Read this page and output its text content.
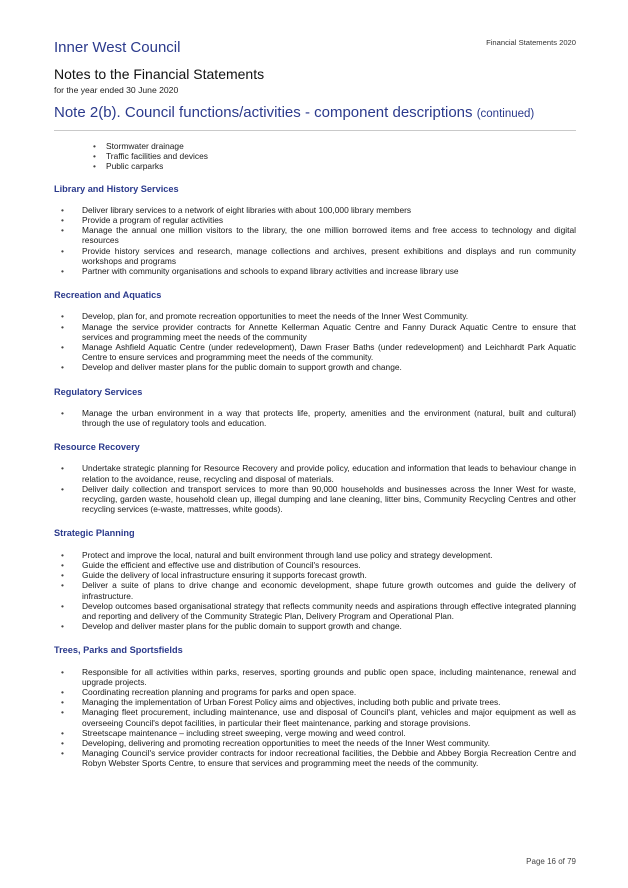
Financial Statements 2020
Inner West Council
Notes to the Financial Statements
for the year ended 30 June 2020
Note 2(b). Council functions/activities - component descriptions (continued)
• Stormwater drainage
• Traffic facilities and devices
• Public carparks
Library and History Services
• Deliver library services to a network of eight libraries with about 100,000 library members
• Provide a program of regular activities
• Manage the annual one million visitors to the library, the one million borrowed items and free access to technology and digital resources
• Provide history services and research, manage collections and archives, present exhibitions and displays and run community workshops and programs
• Partner with community organisations and schools to expand library activities and increase library use
Recreation and Aquatics
• Develop, plan for, and promote recreation opportunities to meet the needs of the Inner West Community.
• Manage the service provider contracts for Annette Kellerman Aquatic Centre and Fanny Durack Aquatic Centre to ensure that services and programming meet the needs of the community
• Manage Ashfield Aquatic Centre (under redevelopment), Dawn Fraser Baths (under redevelopment) and Leichhardt Park Aquatic Centre to ensure services and programming meet the needs of the community.
• Develop and deliver master plans for the public domain to support growth and change.
Regulatory Services
• Manage the urban environment in a way that protects life, property, amenities and the environment (natural, built and cultural) through the use of regulatory tools and education.
Resource Recovery
• Undertake strategic planning for Resource Recovery and provide policy, education and information that leads to behaviour change in relation to the avoidance, reuse, recycling and disposal of materials.
• Deliver daily collection and transport services to more than 90,000 households and businesses across the Inner West for waste, recycling, garden waste, household clean up, illegal dumping and lane cleaning, litter bins, Community Recycling Centres and other recycling services (e-waste, mattresses, white goods).
Strategic Planning
• Protect and improve the local, natural and built environment through land use policy and strategy development.
• Guide the efficient and effective use and distribution of Council's resources.
• Guide the delivery of local infrastructure ensuring it supports forecast growth.
• Deliver a suite of plans to drive change and economic development, shape future growth outcomes and guide the delivery of infrastructure.
• Develop outcomes based organisational strategy that reflects community needs and aspirations through effective integrated planning and reporting and delivery of the Community Strategic Plan, Delivery Program and Operational Plan.
• Develop and deliver master plans for the public domain to support growth and change.
Trees, Parks and Sportsfields
• Responsible for all activities within parks, reserves, sporting grounds and public open space, including maintenance, renewal and upgrade projects.
• Coordinating recreation planning and programs for parks and open space.
• Managing the implementation of Urban Forest Policy aims and objectives, including both public and private trees.
• Managing fleet procurement, including maintenance, use and disposal of Council's plant, vehicles and major equipment as well as overseeing Council's depot facilities, in particular their fleet maintenance, parking and storage provisions.
• Streetscape maintenance – including street sweeping, verge mowing and weed control.
• Developing, delivering and promoting recreation opportunities to meet the needs of the Inner West community.
• Managing Council's service provider contracts for indoor recreational facilities, the Debbie and Abbey Borgia Recreation Centre and Robyn Webster Sports Centre, to ensure that services and programming meet the needs of the community.
Page 16 of 79
